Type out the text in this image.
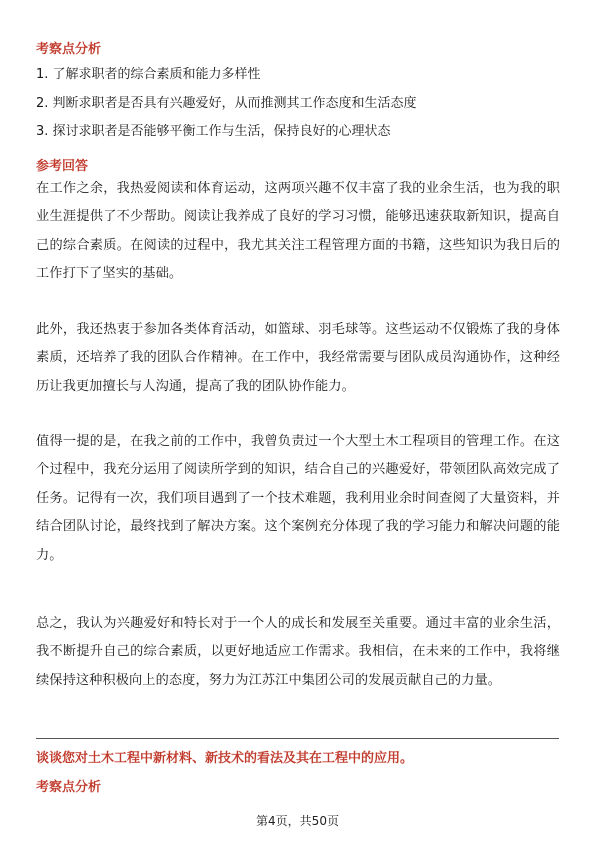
考察点分析
1. 了解求职者的综合素质和能力多样性
2. 判断求职者是否具有兴趣爱好，从而推测其工作态度和生活态度
3. 探讨求职者是否能够平衡工作与生活，保持良好的心理状态
参考回答
在工作之余，我热爱阅读和体育运动，这两项兴趣不仅丰富了我的业余生活，也为我的职业生涯提供了不少帮助。阅读让我养成了良好的学习习惯，能够迅速获取新知识，提高自己的综合素质。在阅读的过程中，我尤其关注工程管理方面的书籍，这些知识为我日后的工作打下了坚实的基础。
此外，我还热衷于参加各类体育活动，如篮球、羽毛球等。这些运动不仅锻炼了我的身体素质，还培养了我的团队合作精神。在工作中，我经常需要与团队成员沟通协作，这种经历让我更加擅长与人沟通，提高了我的团队协作能力。
值得一提的是，在我之前的工作中，我曾负责过一个大型土木工程项目的管理工作。在这个过程中，我充分运用了阅读所学到的知识，结合自己的兴趣爱好，带领团队高效完成了任务。记得有一次，我们项目遇到了一个技术难题，我利用业余时间查阅了大量资料，并结合团队讨论，最终找到了解决方案。这个案例充分体现了我的学习能力和解决问题的能力。
总之，我认为兴趣爱好和特长对于一个人的成长和发展至关重要。通过丰富的业余生活，我不断提升自己的综合素质，以更好地适应工作需求。我相信，在未来的工作中，我将继续保持这种积极向上的态度，努力为江苏江中集团公司的发展贡献自己的力量。
谈谈您对土木工程中新材料、新技术的看法及其在工程中的应用。
考察点分析
第4页，共50页
